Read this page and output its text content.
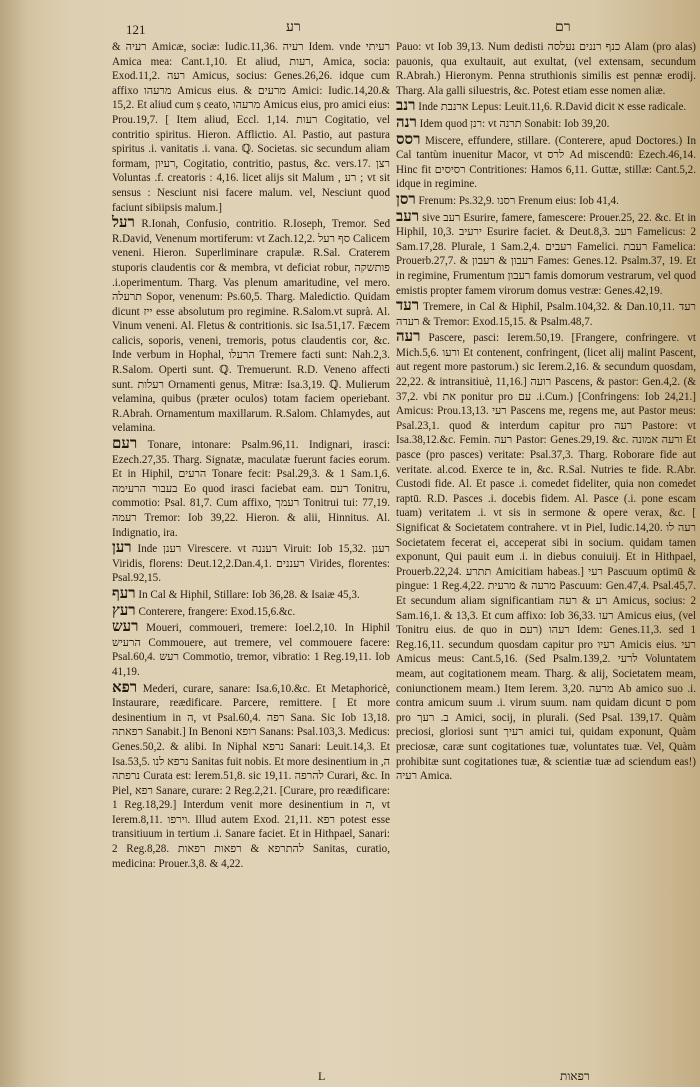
121	רע	רם

& רעיה Amicæ, sociæ: Iudic.11,36. רעיה Idem. vnde רעיתי Amica mea: Cant.1,10. Et aliud, רעות, Amica, socia: Exod.11,2. רעה Amicus, socius: Genes.26,26. idque cum affixo מרעהו Amicus eius. & מרעים Amici: Iudic.14,20.& 15,2. Et aliud cum ṣ ceato, מרעהו Amicus eius, pro amici eius: Prou.19,7. [ Item aliud, Eccl. 1,14. רעות Cogitatio, vel contritio spiritus. Hieron. Afflictio. Al. Pastio, aut pastura spiritus .i. vanitatis .i. vana. ℚ. Societas. sic secundum aliam formam, רעיון, Cogitatio, contritio, pastus, &c. vers.17. רצן Voluntas .f. creatoris : 4,16. licet alijs sit Malum , רע ; vt sit sensus : Nesciunt nisi facere malum. vel, Nesciunt quod faciunt sibiipsis malum.]

רעל R.Ionah, Confusio, contritio. R.Ioseph, Tremor. Sed R.David, Venenum mortiferum: vt Zach.12,2. סף רעל Calicem veneni. Hieron. Superliminare crapulæ. R.Sal. Craterem stuporis claudentis cor & membra, vt deficiat robur, פותשקה .i.operimentum. Tharg. Vas plenum amaritudine, vel mero. תרעלה Sopor, venenum: Ps.60,5. Tharg. Maledictio. Quidam dicunt ייז esse absolutum pro regimine. R.Salom.vt suprà. Al. Vinum veneni. Al. Fletus & contritionis. sic Isa.51,17. Fæcem calicis, soporis, veneni, tremoris, potus claudentis cor, &c. Inde verbum in Hophal, הרעלו Tremere facti sunt: Nah.2,3. R.Salom. Operti sunt. ℚ. Tremuerunt. R.D. Veneno affecti sunt. רעלות Ornamenti genus, Mitræ: Isa.3,19. ℚ. Mulierum velamina, quibus (præter oculos) totam faciem operiebant. R.Abrah. Ornamentum maxillarum. R.Salom. Chlamydes, aut velamina.

רעם Tonare, intonare: Psalm.96,11. Indignari, irasci: Ezech.27,35. Tharg. Signatæ, maculatæ fuerunt facies eorum. Et in Hiphil, הרעים Tonare fecit: Psal.29,3. & 1 Sam.1,6. בעבור הרעימה Eo quod irasci faciebat eam. רעם Tonitru, commotio: Psal. 81,7. Cum affixo, רעמך Tonitrui tui: 77,19. רעמה Tremor: Iob 39,22. Hieron. & alii, Hinnitus. Al. Indignatio, ira.

רען Inde רענן Virescere. vt רעננה Viruit: Iob 15,32. רענן Viridis, florens: Deut.12,2.Dan.4,1. רעננים Virides, florentes: Psal.92,15.

רעף In Cal & Hiphil, Stillare: Iob 36,28. & Isaiæ 45,3.

רעץ Conterere, frangere: Exod.15,6.&c.

רעש Moueri, commoueri, tremere: Ioel.2,10. In Hiphil הרעיש Commouere, aut tremere, vel commouere facere: Psal.60,4. רעש Commotio, tremor, vibratio: 1 Reg.19,11. Iob 41,19.

רפא Mederi, curare, sanare: Isa.6,10.&c. Et Metaphoricè, Instaurare, reædificare. Parcere, remittere. [ Et more desinentium in ה, vt Psal.60,4. רפה Sana. Sic Iob 13,18. רפאתה Sanabit.] In Benoni רופא Sanans: Psal.103,3. Medicus: Genes.50,2. & alibi. In Niphal נרפא Sanari: Leuit.14,3. Et Isa.53,5. נרפא לנו Sanitas fuit nobis. Et more desinentium in ה, נרפתה Curata est: Ierem.51,8. sic 19,11. להרפה Curari, &c. In Piel, רפא Sanare, curare: 2 Reg.2,21. [Curare, pro reædificare: 1 Reg.18,29.] Interdum venit more desinentium in ה, vt Ierem.8,11. וירפו. Illud autem Exod. 21,11. רפא potest esse transitiuum in tertium .i. Sanare faciet. Et in Hithpael, Sanari: 2 Reg.8,28. להתרפא & רפאות רפאות Sanitas, curatio, medicina: Prouer.3,8. & 4,22.

Pauo: vt Iob 39,13. Num dedisti כנף רננים נעלסה Alam (pro alas) pauonis, qua exultauit, aut exultat, (vel extensam, secundum R.Abrah.) Hieronym. Penna struthionis similis est pennæ erodij. Tharg. Ala galli siluestris, &c. Potest etiam esse nomen aliæ.

רנב Inde ארנבת Lepus: Leuit.11,6. R.David dicit א esse radicale.

רנה Idem quod רנן: vt תרנה Sonabit: Iob 39,20.

רסס Miscere, effundere, stillare. (Conterere, apud Doctores.) In Cal tantùm inuenitur Macor, vt לרס Ad miscendū: Ezech.46,14. Hinc fit רסיסים Contritiones: Hamos 6,11. Guttæ, stillæ: Cant.5,2. idque in regimine.

רסן Frenum: Ps.32,9. רסנו Frenum eius: Iob 41,4.

רעב sive רעב Esurire, famere, famescere: Prouer.25, 22. &c. Et in Hiphil, 10,3. ירעיב Esurire faciet. & Deut.8,3. רעב Famelicus: 2 Sam.17,28. Plurale, 1 Sam.2,4. רעבים Famelici. רעבת Famelica: Prouerb.27,7. & רעבון & רעבון Fames: Genes.12. Psalm.37, 19. Et in regimine, Frumentum רעבון famis domorum vestrarum, vel quod emistis propter famem virorum domus vestræ: Genes.42,19.

רעד Tremere, in Cal & Hiphil, Psalm.104,32. & Dan.10,11. רעד & רעדה Tremor: Exod.15,15. & Psalm.48,7.

רעה Pascere, pasci: Ierem.50,19. [Frangere, confringere. vt Mich.5,6. ורעו Et contenent, confringent, (licet alij malint Pascent, aut regent more pastorum.) sic Ierem.2,16. & secundum quosdam, 22,22. & intransitiuè, 11,16.] רועה Pascens, & pastor: Gen.4,2. (& 37,2. vbi את ponitur pro עם .i.Cum.) [Confringens: Iob 24,21.] Amicus: Prou.13,13. רעי Pascens me, regens me, aut Pastor meus: Psal.23,1. quod & interdum capitur pro רעה Pastore: vt Isa.38,12.&c. Femin. רעה Pastor: Genes.29,19. &c. ורעה אמונה Et pasce (pro pasces) veritate: Psal.37,3. Tharg. Roborare fide aut veritate. al.cod. Exerce te in, &c. R.Sal. Nutries te fide. R.Abr. Custodi fide. Al. Et pasce .i. comedet fideliter, quia non comedet raptū. R.D. Pasces .i. docebis fidem. Al. Pasce (.i. pone escam tuam) veritatem .i. vt sis in sermone & opere verax, &c. [ Significat & Societatem contrahere. vt in Piel, Iudic.14,20. רעה לו Societatem fecerat ei, acceperat sibi in socium. quidam tamen exponunt, Qui pauit eum .i. in diebus conuiuij. Et in Hithpael, Prouerb.22,24. תתרע Amicitiam habeas.] רעי Pascuum optimū & pingue: 1 Reg.4,22. מרעה & מרעית Pascuum: Gen.47,4. Psal.45,7. Et secundum aliam significantiam רע & רעה Amicus, socius: 2 Sam.16,1. & 13,3. Et cum affixo: Iob 36,33. רעו Amicus eius, (vel Tonitru eius. de quo in רעם) רעהו Idem: Genes.11,3. sed 1 Reg.16,11. secundum quosdam capitur pro רעיו Amicis eius. רעי Amicus meus: Cant.5,16. (Sed Psalm.139,2. לרעי Voluntatem meam, aut cogitationem meam. Tharg. & alij, Societatem meam, coniunctionem meam.) Item Ierem. 3,20. מרעה Ab amico suo .i. contra amicum suum .i. virum suum. nam quidam dicunt ס pom pro ב. רעך Amici, socij, in plurali. (Sed Psal. 139,17. Quàm preciosi, gloriosi sunt רעיך amici tui, quidam exponunt, Quàm preciosæ, caræ sunt cogitationes tuæ, voluntates tuæ. Vel, Quàm prohibitæ sunt cogitationes tuæ, & scientiæ tuæ ad sciendum eas!) רעיה Amica.

L	רפאות
